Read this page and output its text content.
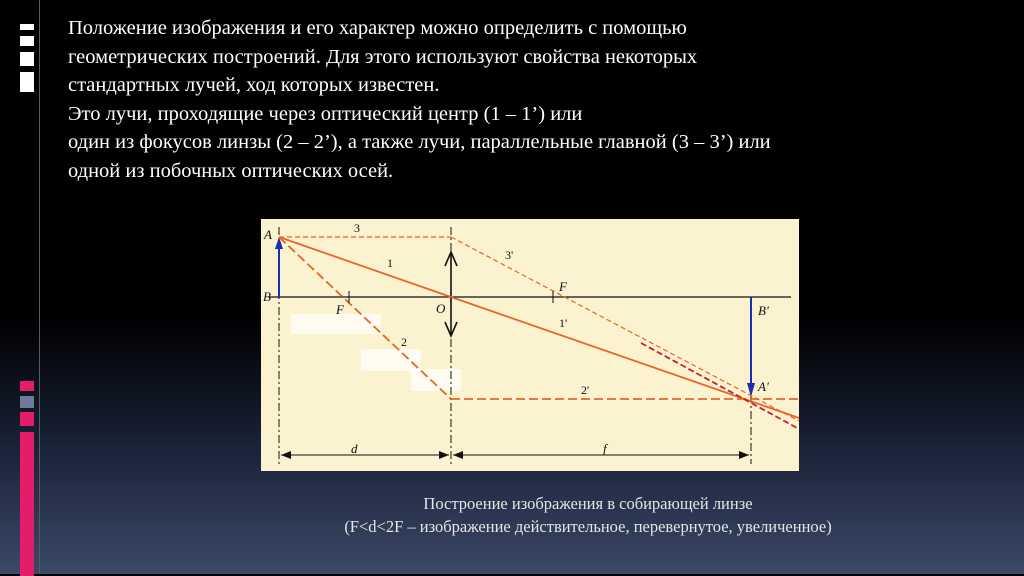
Положение изображения и его характер можно определить с помощью

геометрических построений. Для этого используют свойства некоторых

стандартных лучей, ход которых известен.

Это лучи, проходящие через оптический центр (1 – 1’) или

один из фокусов линзы (2 – 2’), а также лучи, параллельные главной (3 – 3’) или

одной из побочных оптических осей.

A
B
F
F
O	B'
A'
d	f
3
3'
1
1'
2
2'
Построение изображения в собирающей линзе
(F<d<2F – изображение действительное, перевернутое, увеличенное)
